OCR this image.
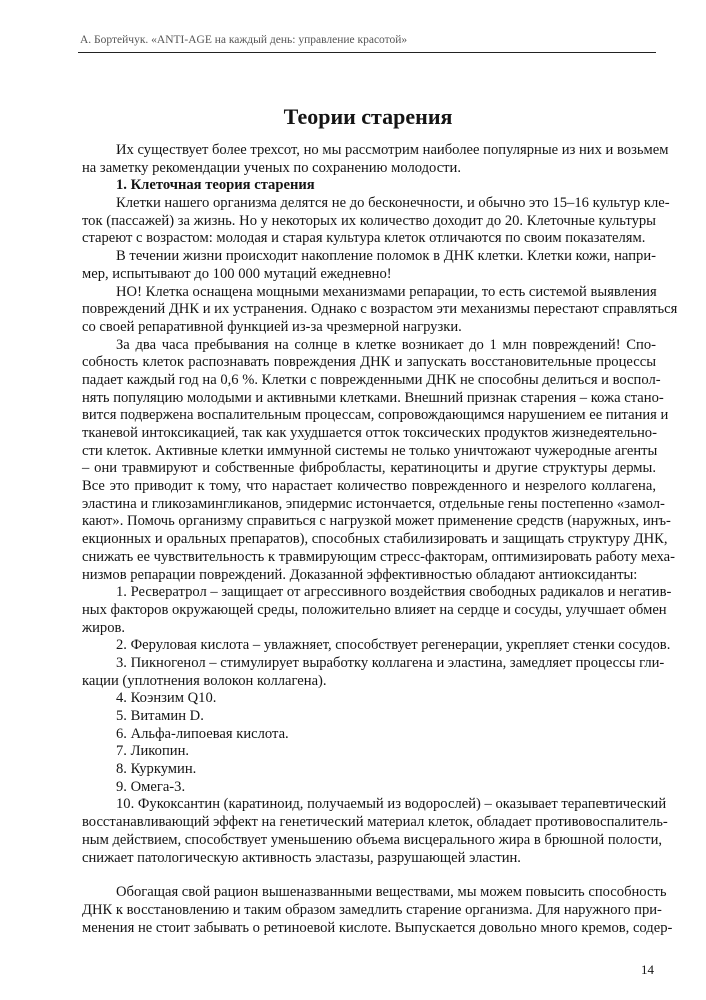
А. Бортейчук. «ANTI-AGE на каждый день: управление красотой»
Теории старения
Их существует более трехсот, но мы рассмотрим наиболее популярные из них и возьмем
на заметку рекомендации ученых по сохранению молодости.
1. Клеточная теория старения
Клетки нашего организма делятся не до бесконечности, и обычно это 15–16 культур кле-
ток (пассажей) за жизнь. Но у некоторых их количество доходит до 20. Клеточные культуры
стареют с возрастом: молодая и старая культура клеток отличаются по своим показателям.
В течении жизни происходит накопление поломок в ДНК клетки. Клетки кожи, напри-
мер, испытывают до 100 000 мутаций ежедневно!
НО! Клетка оснащена мощными механизмами репарации, то есть системой выявления
повреждений ДНК и их устранения. Однако с возрастом эти механизмы перестают справляться
со своей репаративной функцией из-за чрезмерной нагрузки.
За два часа пребывания на солнце в клетке возникает до 1 млн повреждений! Спо-
собность клеток распознавать повреждения ДНК и запускать восстановительные процессы
падает каждый год на 0,6 %. Клетки с поврежденными ДНК не способны делиться и воспол-
нять популяцию молодыми и активными клетками. Внешний признак старения – кожа стано-
вится подвержена воспалительным процессам, сопровождающимся нарушением ее питания и
тканевой интоксикацией, так как ухудшается отток токсических продуктов жизнедеятельно-
сти клеток. Активные клетки иммунной системы не только уничтожают чужеродные агенты
– они травмируют и собственные фибробласты, кератиноциты и другие структуры дермы.
Все это приводит к тому, что нарастает количество поврежденного и незрелого коллагена,
эластина и гликозамингликанов, эпидермис истончается, отдельные гены постепенно «замол-
кают». Помочь организму справиться с нагрузкой может применение средств (наружных, инъ-
екционных и оральных препаратов), способных стабилизировать и защищать структуру ДНК,
снижать ее чувствительность к травмирующим стресс-факторам, оптимизировать работу меха-
низмов репарации повреждений. Доказанной эффективностью обладают антиоксиданты:
1. Ресвератрол – защищает от агрессивного воздействия свободных радикалов и негатив-
ных факторов окружающей среды, положительно влияет на сердце и сосуды, улучшает обмен
жиров.
2. Феруловая кислота – увлажняет, способствует регенерации, укрепляет стенки сосудов.
3. Пикногенол – стимулирует выработку коллагена и эластина, замедляет процессы гли-
кации (уплотнения волокон коллагена).
4. Коэнзим Q10.
5. Витамин D.
6. Альфа-липоевая кислота.
7. Ликопин.
8. Куркумин.
9. Омега-3.
10. Фукоксантин (каратиноид, получаемый из водорослей) – оказывает терапевтический
восстанавливающий эффект на генетический материал клеток, обладает противовоспалитель-
ным действием, способствует уменьшению объема висцерального жира в брюшной полости,
снижает патологическую активность эластазы, разрушающей эластин.
Обогащая свой рацион вышеназванными веществами, мы можем повысить способность
ДНК к восстановлению и таким образом замедлить старение организма. Для наружного при-
менения не стоит забывать о ретиноевой кислоте. Выпускается довольно много кремов, содер-
14
